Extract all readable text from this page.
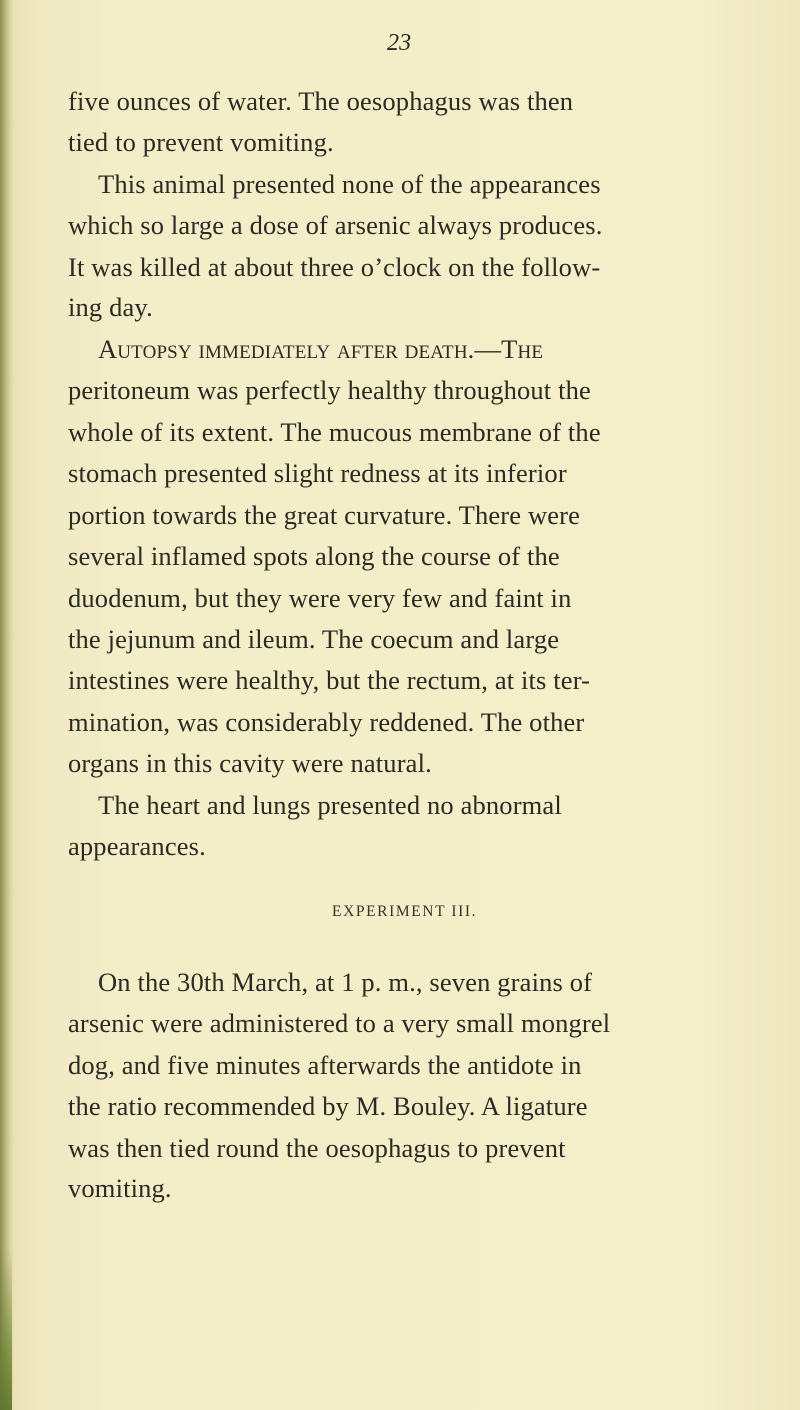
23
five ounces of water. The oesophagus was then
tied to prevent vomiting.
This animal presented none of the appearances
which so large a dose of arsenic always produces.
It was killed at about three o’clock on the follow-
ing day.
Autopsy immediately after death.—The
peritoneum was perfectly healthy throughout the
whole of its extent. The mucous membrane of the
stomach presented slight redness at its inferior
portion towards the great curvature. There were
several inflamed spots along the course of the
duodenum, but they were very few and faint in
the jejunum and ileum. The coecum and large
intestines were healthy, but the rectum, at its ter-
mination, was considerably reddened. The other
organs in this cavity were natural.
The heart and lungs presented no abnormal
appearances.
EXPERIMENT III.
On the 30th March, at 1 p. m., seven grains of
arsenic were administered to a very small mongrel
dog, and five minutes afterwards the antidote in
the ratio recommended by M. Bouley. A ligature
was then tied round the oesophagus to prevent
vomiting.
